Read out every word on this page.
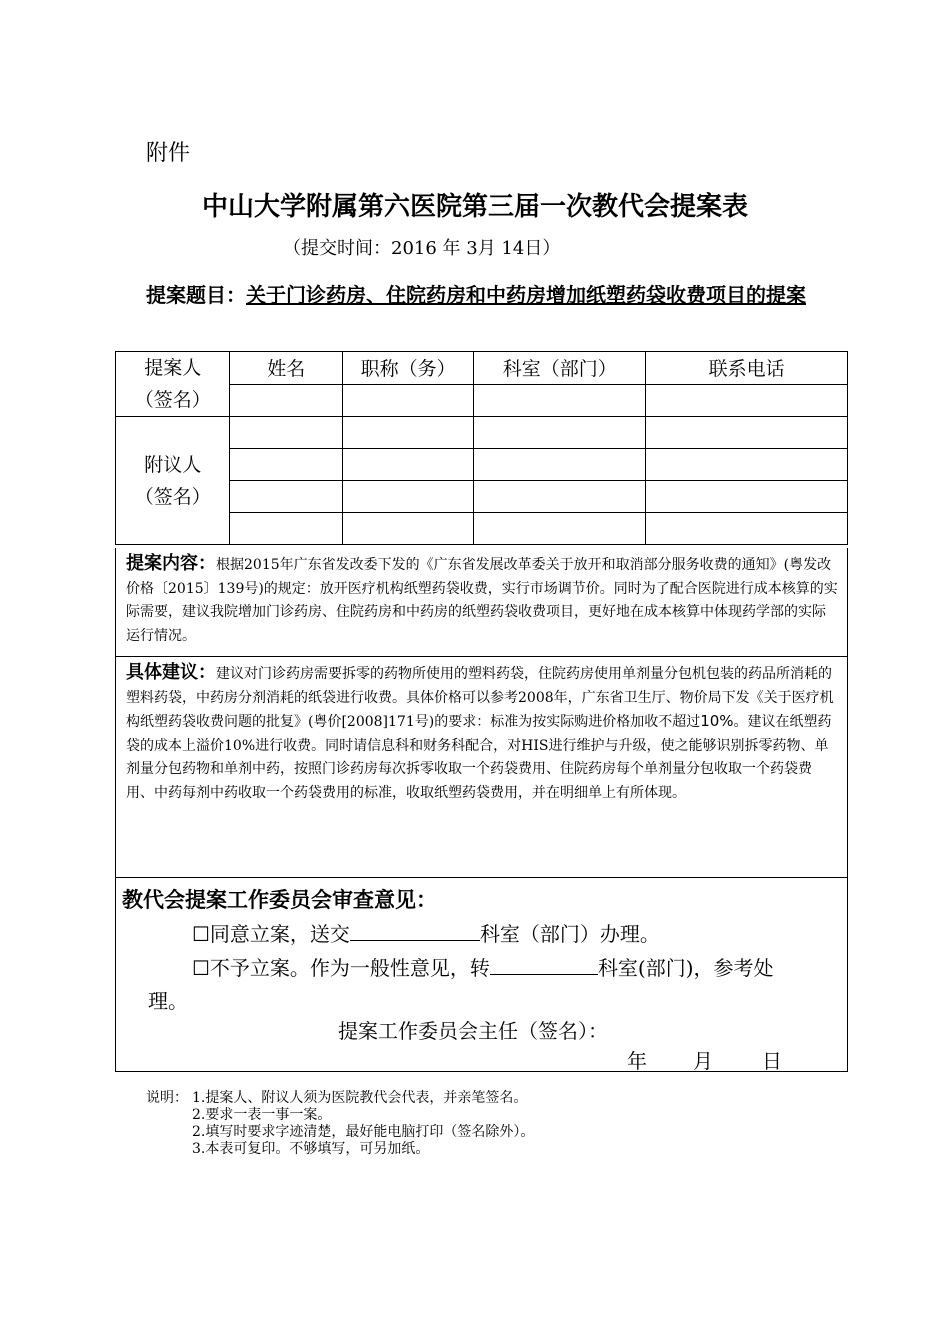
附件
中山大学附属第六医院第三届一次教代会提案表
（提交时间：2016 年 3月 14日）
提案题目：关于门诊药房、住院药房和中药房增加纸塑药袋收费项目的提案
提案人
（签名）	姓名	职称（务）	科室（部门）	联系电话

附议人
（签名）				

提案内容：根据2015年广东省发改委下发的《广东省发展改革委关于放开和取消部分服务收费的通知》(粤发改价格〔2015〕139号)的规定：放开医疗机构纸塑药袋收费，实行市场调节价。同时为了配合医院进行成本核算的实际需要，建议我院增加门诊药房、住院药房和中药房的纸塑药袋收费项目，更好地在成本核算中体现药学部的实际运行情况。
具体建议：建议对门诊药房需要拆零的药物所使用的塑料药袋，住院药房使用单剂量分包机包装的药品所消耗的塑料药袋，中药房分剂消耗的纸袋进行收费。具体价格可以参考2008年，广东省卫生厅、物价局下发《关于医疗机构纸塑药袋收费问题的批复》(粤价[2008]171号)的要求：标准为按实际购进价格加收不超过10%。建议在纸塑药袋的成本上溢价10%进行收费。同时请信息科和财务科配合，对HIS进行维护与升级，使之能够识别拆零药物、单剂量分包药物和单剂中药，按照门诊药房每次拆零收取一个药袋费用、住院药房每个单剂量分包收取一个药袋费用、中药每剂中药收取一个药袋费用的标准，收取纸塑药袋费用，并在明细单上有所体现。
教代会提案工作委员会审查意见：
☐同意立案，送交	科室（部门）办理。
☐不予立案。作为一般性意见，转	科室(部门)，参考处
理。
提案工作委员会主任（签名）：
年 月 日
说明： 1.提案人、附议人须为医院教代会代表，并亲笔签名。
2.要求一表一事一案。
2.填写时要求字迹清楚，最好能电脑打印（签名除外）。
3.本表可复印。不够填写，可另加纸。
